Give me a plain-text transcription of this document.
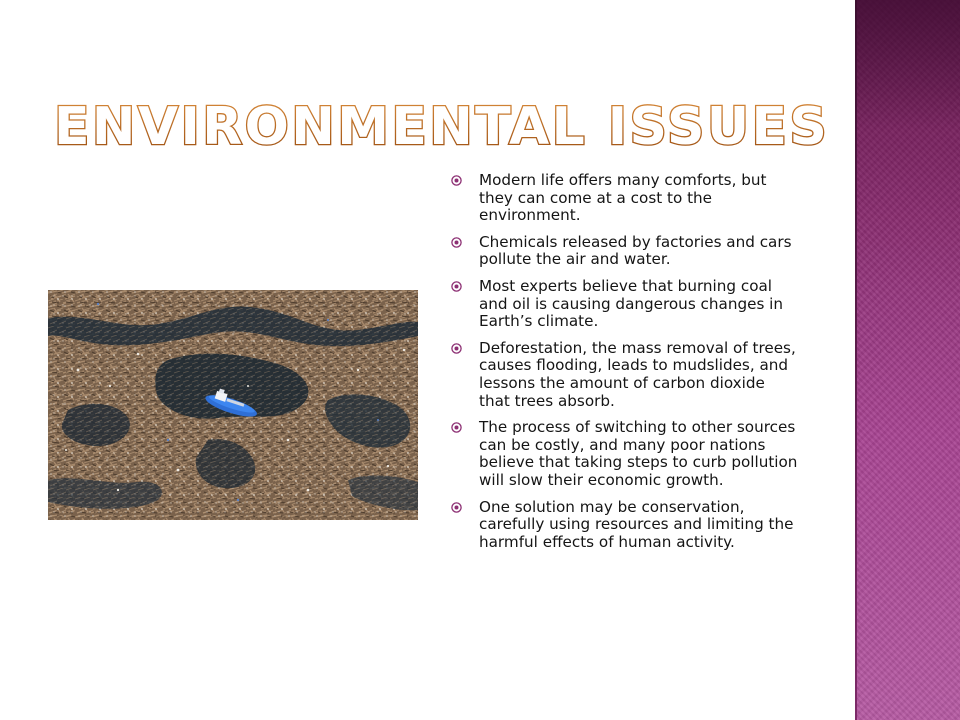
ENVIRONMENTAL ISSUES
Modern life offers many comforts, but they can come at a cost to the environment.
Chemicals released by factories and cars pollute the air and water.
Most experts believe that burning coal and oil is causing dangerous changes in Earth’s climate.
Deforestation, the mass removal of trees, causes flooding, leads to mudslides, and lessons the amount of carbon dioxide that trees absorb.
The process of switching to other sources can be costly, and many poor nations believe that taking steps to curb pollution will slow their economic growth.
One solution may be conservation, carefully using resources and limiting the harmful effects of human activity.
